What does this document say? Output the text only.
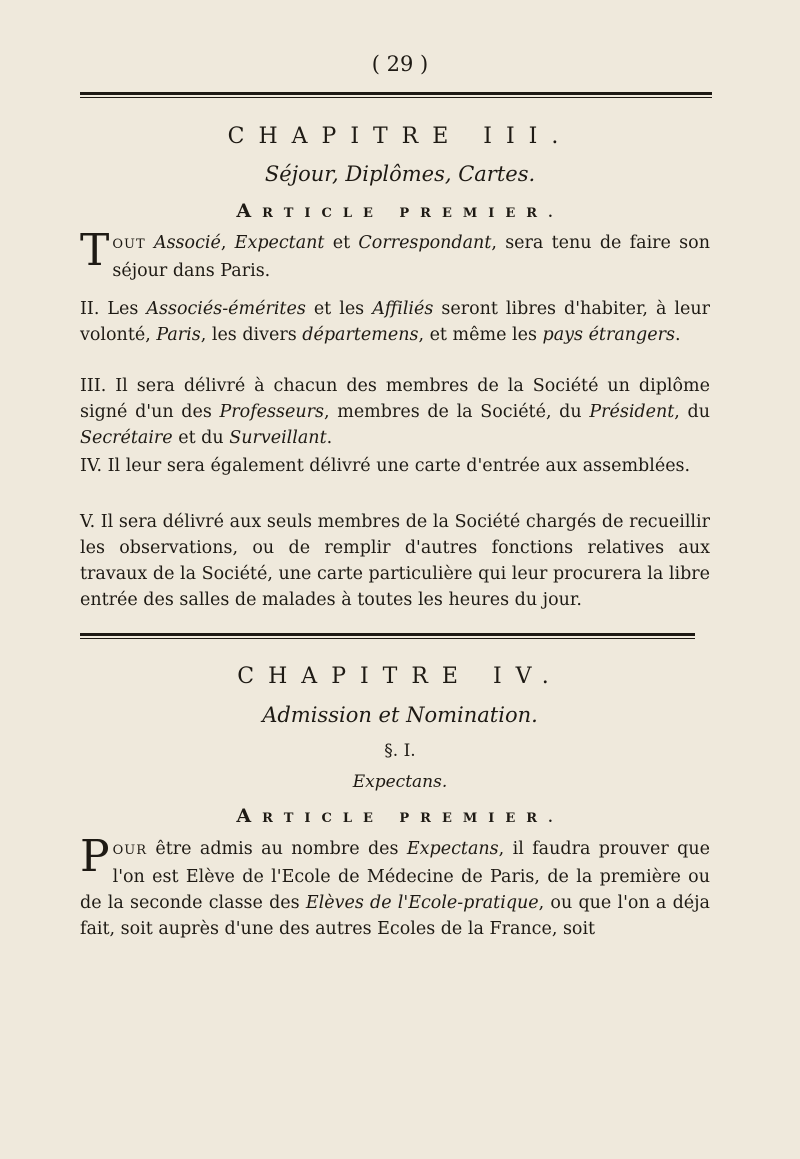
( 29 )
CHAPITRE III.
Séjour, Diplômes, Cartes.
ARTICLE PREMIER.
TOUT Associé, Expectant et Correspondant, sera tenu de faire son séjour dans Paris.
II. Les Associés-émérites et les Affiliés seront libres d'habiter, à leur volonté, Paris, les divers départemens, et même les pays étrangers.
III. Il sera délivré à chacun des membres de la Société un diplôme signé d'un des Professeurs, membres de la Société, du Président, du Secrétaire et du Surveillant.
IV. Il leur sera également délivré une carte d'entrée aux assemblées.
V. Il sera délivré aux seuls membres de la Société chargés de recueillir les observations, ou de remplir d'autres fonctions relatives aux travaux de la Société, une carte particulière qui leur procurera la libre entrée des salles de malades à toutes les heures du jour.
CHAPITRE IV.
Admission et Nomination.
§. I.
Expectans.
ARTICLE PREMIER.
POUR être admis au nombre des Expectans, il faudra prouver que l'on est Elève de l'Ecole de Médecine de Paris, de la première ou de la seconde classe des Elèves de l'Ecole-pratique, ou que l'on a déja fait, soit auprès d'une des autres Ecoles de la France, soit
